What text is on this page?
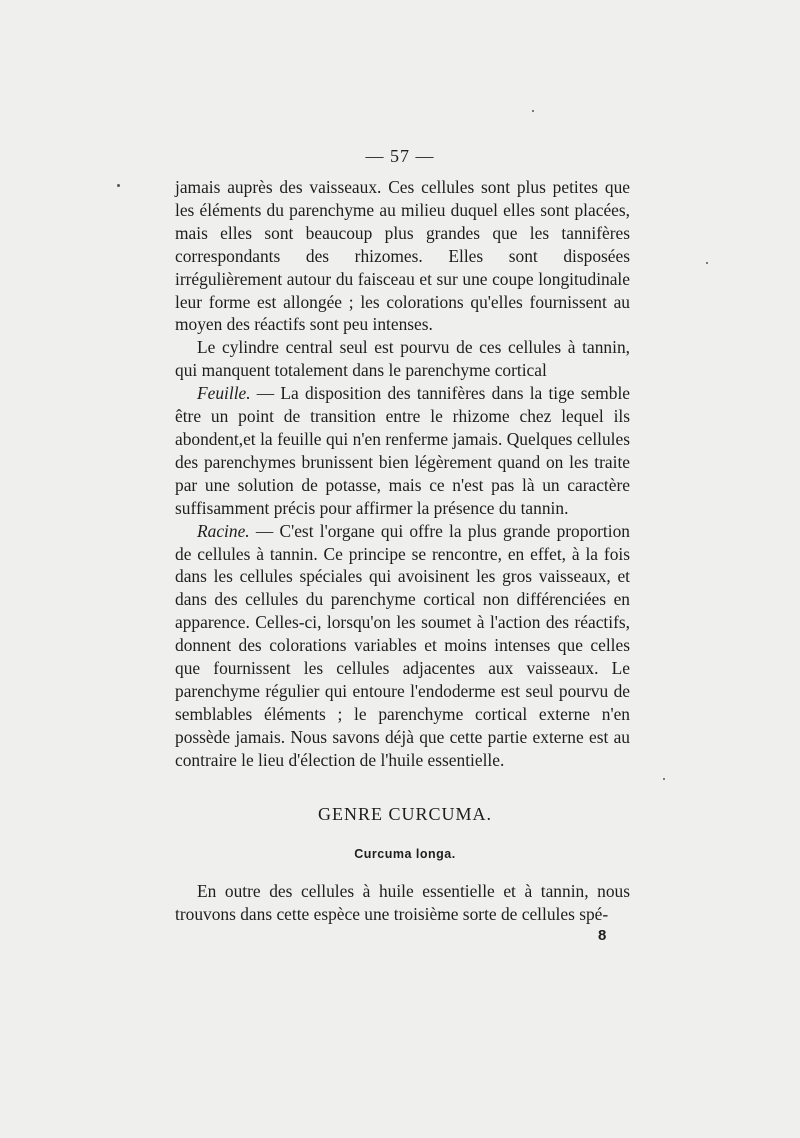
— 57 —

jamais auprès des vaisseaux. Ces cellules sont plus petites que les éléments du parenchyme au milieu duquel elles sont placées, mais elles sont beaucoup plus grandes que les tannifères correspondants des rhizomes. Elles sont disposées irrégulièrement autour du faisceau et sur une coupe longitudinale leur forme est allongée ; les colorations qu'elles fournissent au moyen des réactifs sont peu intenses.

Le cylindre central seul est pourvu de ces cellules à tannin, qui manquent totalement dans le parenchyme cortical

Feuille. — La disposition des tannifères dans la tige semble être un point de transition entre le rhizome chez lequel ils abondent,et la feuille qui n'en renferme jamais. Quelques cellules des parenchymes brunissent bien légèrement quand on les traite par une solution de potasse, mais ce n'est pas là un caractère suffisamment précis pour affirmer la présence du tannin.

Racine. — C'est l'organe qui offre la plus grande proportion de cellules à tannin. Ce principe se rencontre, en effet, à la fois dans les cellules spéciales qui avoisinent les gros vaisseaux, et dans des cellules du parenchyme cortical non différenciées en apparence. Celles-ci, lorsqu'on les soumet à l'action des réactifs, donnent des colorations variables et moins intenses que celles que fournissent les cellules adjacentes aux vaisseaux. Le parenchyme régulier qui entoure l'endoderme est seul pourvu de semblables éléments ; le parenchyme cortical externe n'en possède jamais. Nous savons déjà que cette partie externe est au contraire le lieu d'élection de l'huile essentielle.

GENRE CURCUMA.
Curcuma longa.

En outre des cellules à huile essentielle et à tannin, nous trouvons dans cette espèce une troisième sorte de cellules spé-

8
